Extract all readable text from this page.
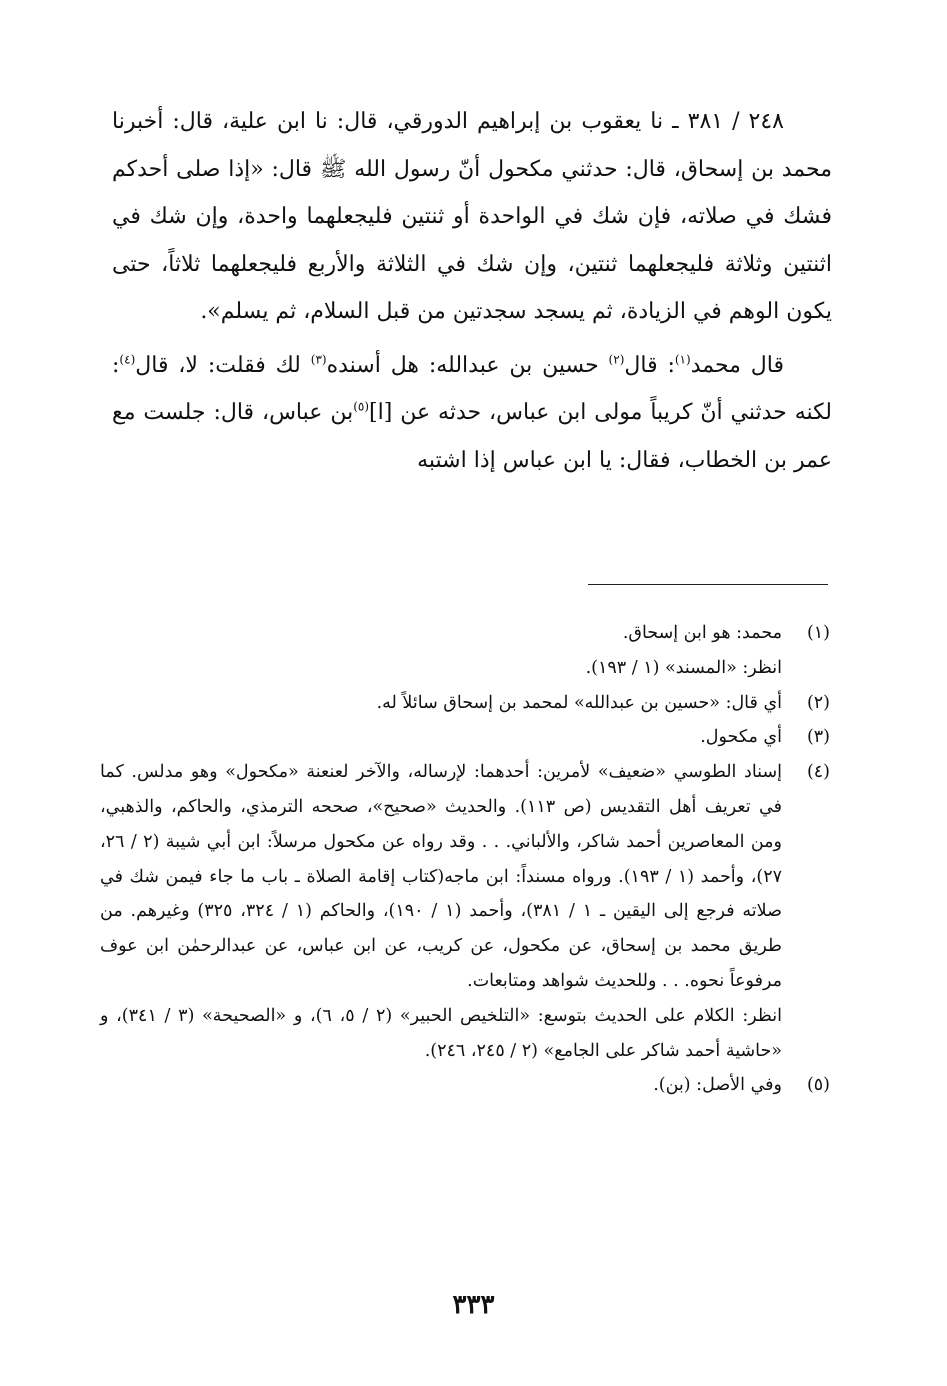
٢٤٨ / ٣٨١ ـ نا يعقوب بن إبراهيم الدورقي، قال: نا ابن علية، قال: أخبرنا محمد بن إسحاق، قال: حدثني مكحول أنّ رسول الله ﷺ قال: «إذا صلى أحدكم فشك في صلاته، فإن شك في الواحدة أو ثنتين فليجعلهما واحدة، وإن شك في اثنتين وثلاثة فليجعلهما ثنتين، وإن شك في الثلاثة والأربع فليجعلهما ثلاثاً، حتى يكون الوهم في الزيادة، ثم يسجد سجدتين من قبل السلام، ثم يسلم».

قال محمد$^{(١)}$: قال$^{(٢)}$ حسين بن عبدالله: هل أسنده$^{(٣)}$ لك فقلت: لا، قال$^{(٤)}$: لكنه حدثني أنّ كريباً مولى ابن عباس، حدثه عن [ا]$^{(٥)}$بن عباس، قال: جلست مع عمر بن الخطاب، فقال: يا ابن عباس إذا اشتبه

(١)
محمد: هو ابن إسحاق.
انظر: «المسند» (١ / ١٩٣).
(٢)
أي قال: «حسين بن عبدالله» لمحمد بن إسحاق سائلاً له.
(٣)
أي مكحول.
(٤)
إسناد الطوسي «ضعيف» لأمرين: أحدهما: لإرساله، والآخر لعنعنة «مكحول» وهو مدلس. كما في تعريف أهل التقديس (ص ١١٣). والحديث «صحيح»، صححه الترمذي، والحاكم، والذهبي، ومن المعاصرين أحمد شاكر، والألباني. . . وقد رواه عن مكحول مرسلاً: ابن أبي شيبة (٢ / ٢٦، ٢٧)، وأحمد (١ / ١٩٣). ورواه مسنداً: ابن ماجه(كتاب إقامة الصلاة ـ باب ما جاء فيمن شك في صلاته فرجع إلى اليقين ـ ١ / ٣٨١)، وأحمد (١ / ١٩٠)، والحاكم (١ / ٣٢٤، ٣٢٥) وغيرهم. من طريق محمد بن إسحاق، عن مكحول، عن كريب، عن ابن عباس، عن عبدالرحمٰن ابن عوف مرفوعاً نحوه. . . وللحديث شواهد ومتابعات.
انظر: الكلام على الحديث بتوسع: «التلخيص الحبير» (٢ / ٥، ٦)، و «الصحيحة» (٣ / ٣٤١)، و «حاشية أحمد شاكر على الجامع» (٢ / ٢٤٥، ٢٤٦).
(٥)
وفي الأصل: (بن).
٣٣٣
